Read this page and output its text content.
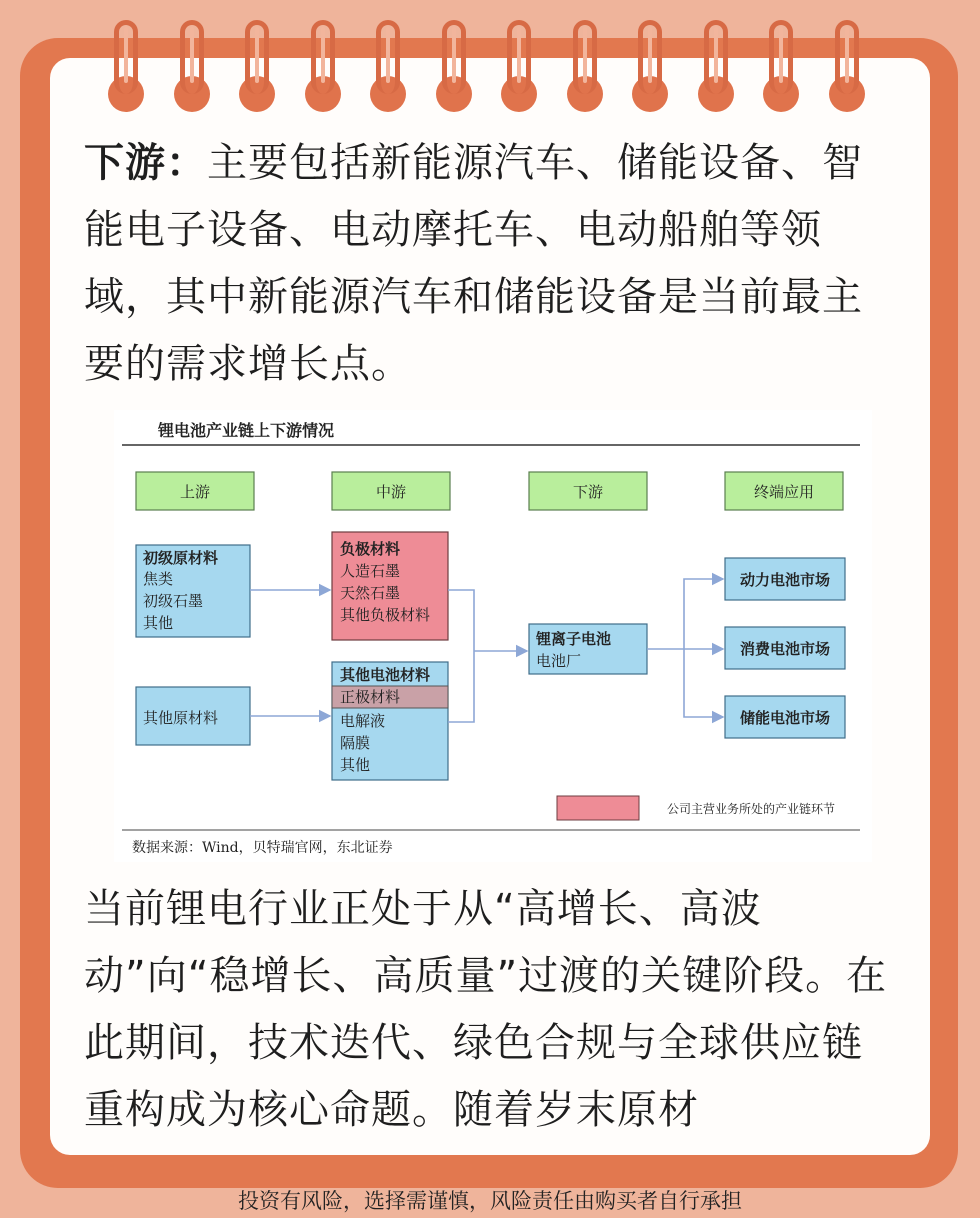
下游：主要包括新能源汽车、储能设备、智能电子设备、电动摩托车、电动船舶等领域，其中新能源汽车和储能设备是当前最主要的需求增长点。
锂电池产业链上下游情况
上游	中游	下游	终端应用
初级原材料
焦类
初级石墨
其他
其他原材料
负极材料
人造石墨
天然石墨
其他负极材料
其他电池材料
正极材料
电解液
隔膜
其他
锂离子电池
电池厂
动力电池市场
消费电池市场
储能电池市场
公司主营业务所处的产业链环节
数据来源：Wind，贝特瑞官网，东北证券
当前锂电行业正处于从“高增长、高波动”向“稳增长、高质量”过渡的关键阶段。在此期间，技术迭代、绿色合规与全球供应链重构成为核心命题。随着岁末原材
投资有风险，选择需谨慎，风险责任由购买者自行承担
